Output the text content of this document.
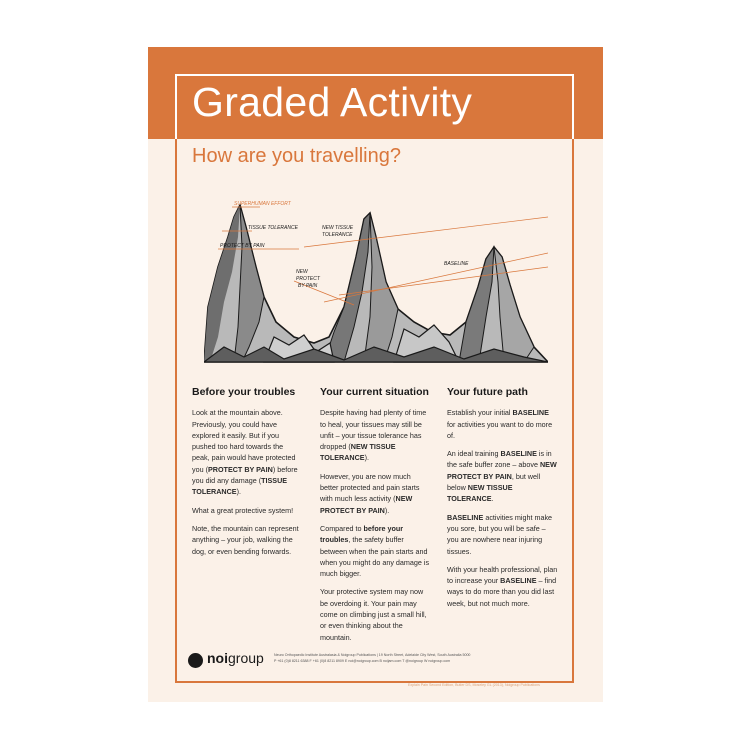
Graded Activity
How are you travelling?
SUPERHUMAN EFFORT
TISSUE TOLERANCE
PROTECT BY PAIN
NEW TISSUE
TOLERANCE
NEW
PROTECT
BY PAIN
BASELINE
Before your troubles

Look at the mountain above. Previously, you could have explored it easily. But if you pushed too hard towards the peak, pain would have protected you (PROTECT BY PAIN) before you did any damage (TISSUE TOLERANCE).

What a great protective system!

Note, the mountain can represent anything – your job, walking the dog, or even bending forwards.

Your current situation

Despite having had plenty of time to heal, your tissues may still be unfit – your tissue tolerance has dropped (NEW TISSUE TOLERANCE).

However, you are now much better protected and pain starts with much less activity (NEW PROTECT BY PAIN).

Compared to before your troubles, the safety buffer between when the pain starts and when you might do any damage is much bigger.

Your protective system may now be overdoing it. Your pain may come on climbing just a small hill, or even thinking about the mountain.

Your future path

Establish your initial BASELINE for activities you want to do more of.

An ideal training BASELINE is in the safe buffer zone – above NEW PROTECT BY PAIN, but well below NEW TISSUE TOLERANCE.

BASELINE activities might make you sore, but you will be safe – you are nowhere near injuring tissues.

With your health professional, plan to increase your BASELINE – find ways to do more than you did last week, but not much more.

noigroup	Neuro Orthopaedic Institute Australasia & Noigroup Publications | 19 North Street, Adelaide City West, South Australia 5000
P +61 (0)8 8211 6388 F +61 (0)8 8211 8909 E noi@noigroup.com B noijam.com T @noigroup W noigroup.com
Explain Pain Second Edition, Butler DS, Moseley GL (2013), Noigroup Publications
